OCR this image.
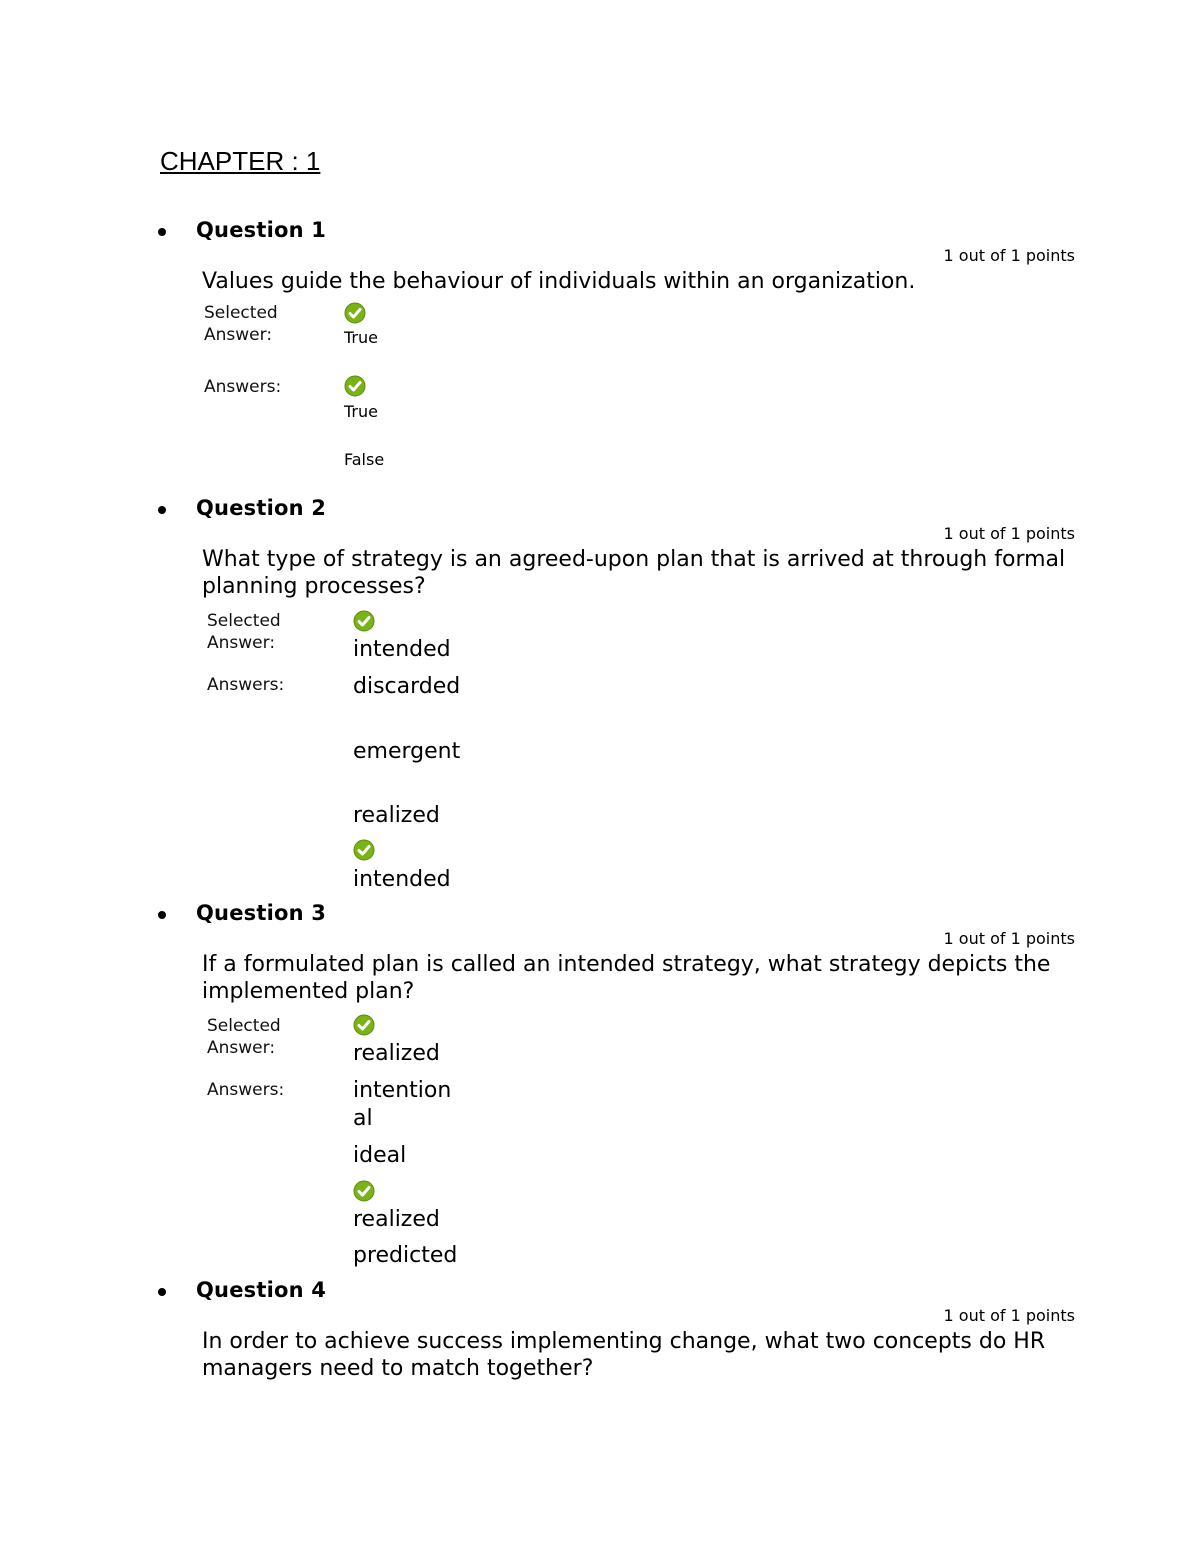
CHAPTER : 1
Question 1
1 out of 1 points
Values guide the behaviour of individuals within an organization.
Selected Answer:	True
Answers:
True
False
Question 2
1 out of 1 points
What type of strategy is an agreed-upon plan that is arrived at through formal planning processes?
Selected Answer:	intended
Answers:	discarded
emergent
realized
intended
Question 3
1 out of 1 points
If a formulated plan is called an intended strategy, what strategy depicts the implemented plan?
Selected Answer:	realized
Answers:	intentional
ideal
realized
predicted
Question 4
1 out of 1 points
In order to achieve success implementing change, what two concepts do HR managers need to match together?
